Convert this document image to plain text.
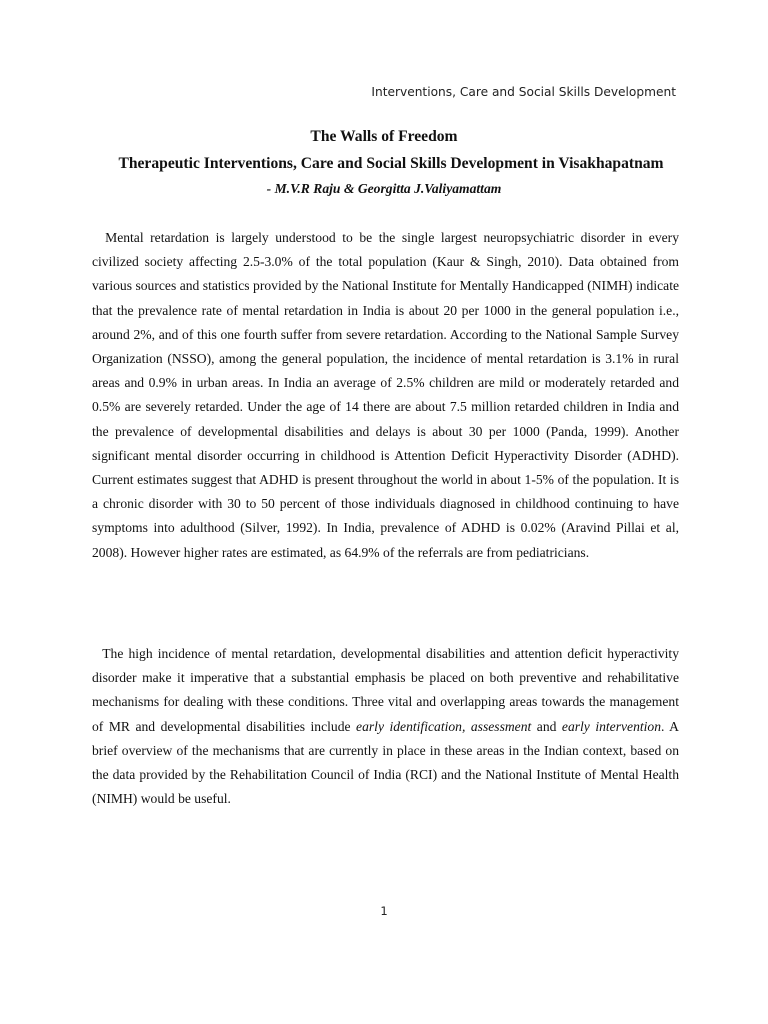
Interventions, Care and Social Skills Development
The Walls of Freedom
Therapeutic Interventions, Care and Social Skills Development in Visakhapatnam

- M.V.R Raju & Georgitta J.Valiyamattam

Mental retardation is largely understood to be the single largest neuropsychiatric disorder in every civilized society affecting 2.5-3.0% of the total population (Kaur & Singh, 2010). Data obtained from various sources and statistics provided by the National Institute for Mentally Handicapped (NIMH) indicate that the prevalence rate of mental retardation in India is about 20 per 1000 in the general population i.e., around 2%, and of this one fourth suffer from severe retardation. According to the National Sample Survey Organization (NSSO), among the general population, the incidence of mental retardation is 3.1% in rural areas and 0.9% in urban areas. In India an average of 2.5% children are mild or moderately retarded and 0.5% are severely retarded. Under the age of 14 there are about 7.5 million retarded children in India and the prevalence of developmental disabilities and delays is about 30 per 1000 (Panda, 1999). Another significant mental disorder occurring in childhood is Attention Deficit Hyperactivity Disorder (ADHD). Current estimates suggest that ADHD is present throughout the world in about 1-5% of the population. It is a chronic disorder with 30 to 50 percent of those individuals diagnosed in childhood continuing to have symptoms into adulthood (Silver, 1992). In India, prevalence of ADHD is 0.02% (Aravind Pillai et al, 2008). However higher rates are estimated, as 64.9% of the referrals are from pediatricians.

The high incidence of mental retardation, developmental disabilities and attention deficit hyperactivity disorder make it imperative that a substantial emphasis be placed on both preventive and rehabilitative mechanisms for dealing with these conditions. Three vital and overlapping areas towards the management of MR and developmental disabilities include early identification, assessment and early intervention. A brief overview of the mechanisms that are currently in place in these areas in the Indian context, based on the data provided by the Rehabilitation Council of India (RCI) and the National Institute of Mental Health (NIMH) would be useful.

1
